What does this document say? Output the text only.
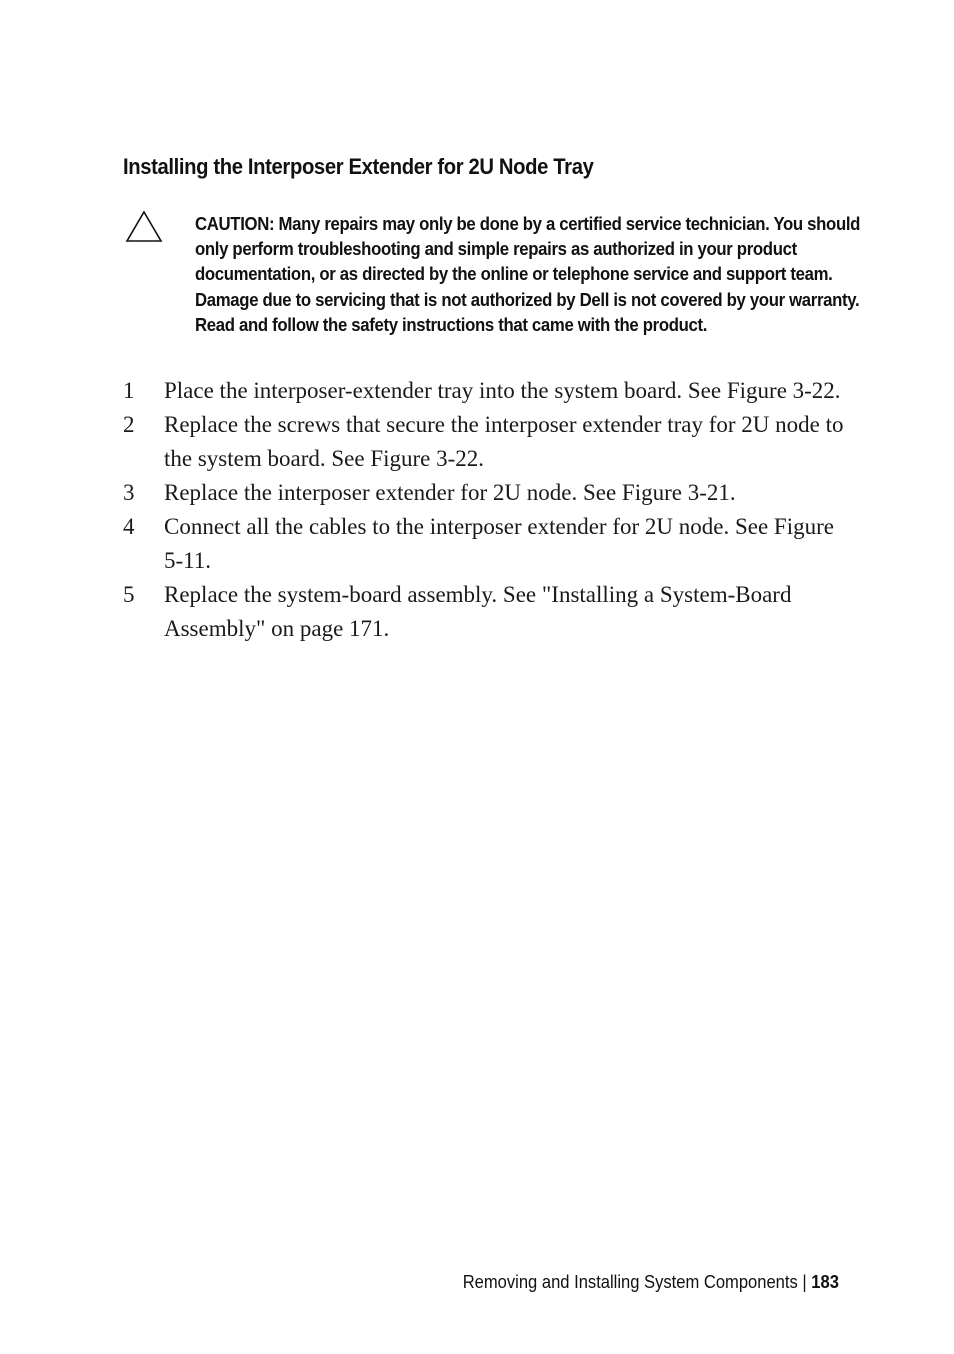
Installing the Interposer Extender for 2U Node Tray

CAUTION: Many repairs may only be done by a certified service technician. You should only perform troubleshooting and simple repairs as authorized in your product documentation, or as directed by the online or telephone service and support team. Damage due to servicing that is not authorized by Dell is not covered by your warranty. Read and follow the safety instructions that came with the product.

1 Place the interposer-extender tray into the system board. See Figure 3-22.
2 Replace the screws that secure the interposer extender tray for 2U node to the system board. See Figure 3-22.
3 Replace the interposer extender for 2U node. See Figure 3-21.
4 Connect all the cables to the interposer extender for 2U node. See Figure 5-11.
5 Replace the system-board assembly. See "Installing a System-Board Assembly" on page 171.
Removing and Installing System Components | 183
